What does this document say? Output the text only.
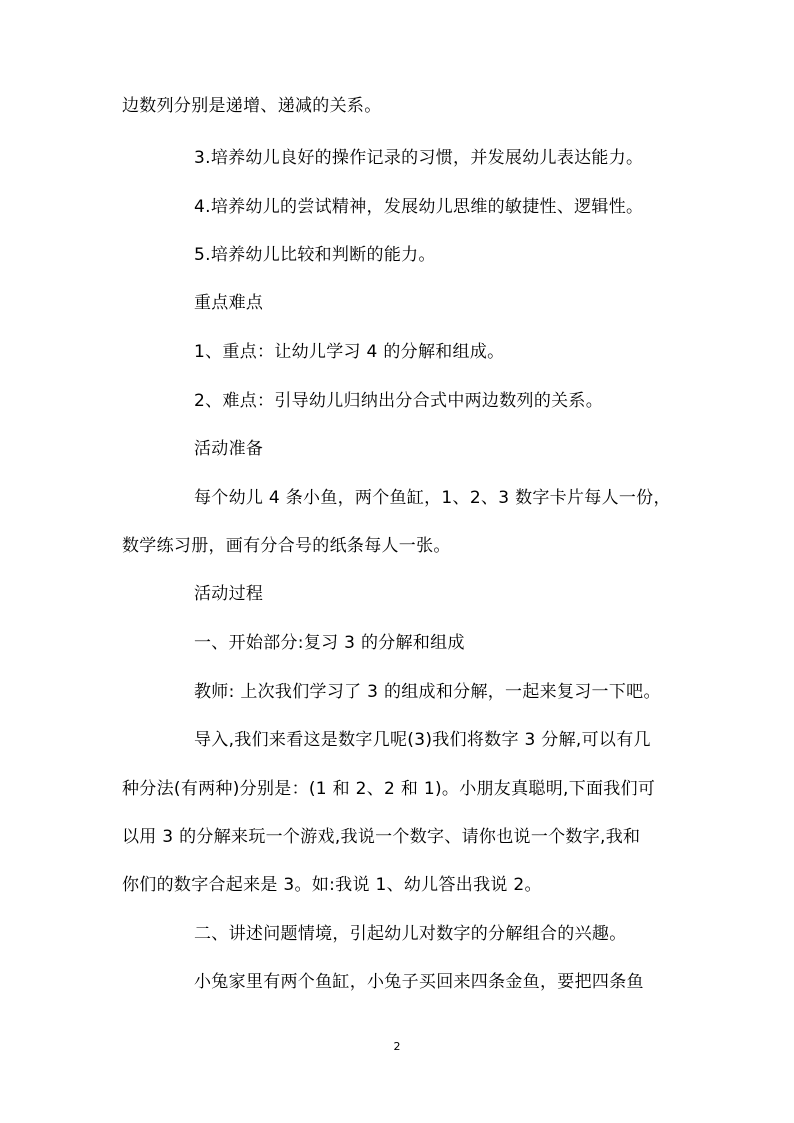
边数列分别是递增、递减的关系。
3.培养幼儿良好的操作记录的习惯，并发展幼儿表达能力。
4.培养幼儿的尝试精神，发展幼儿思维的敏捷性、逻辑性。
5.培养幼儿比较和判断的能力。
重点难点
1、重点：让幼儿学习 4 的分解和组成。
2、难点：引导幼儿归纳出分合式中两边数列的关系。
活动准备
每个幼儿 4 条小鱼，两个鱼缸，1、2、3 数字卡片每人一份，
数学练习册，画有分合号的纸条每人一张。
活动过程
一、开始部分:复习 3 的分解和组成
教师: 上次我们学习了 3 的组成和分解，一起来复习一下吧。
导入,我们来看这是数字几呢(3)我们将数字 3 分解,可以有几
种分法(有两种)分别是：(1 和 2、2 和 1)。小朋友真聪明,下面我们可
以用 3 的分解来玩一个游戏,我说一个数字、请你也说一个数字,我和
你们的数字合起来是 3。如:我说 1、幼儿答出我说 2。
二、讲述问题情境，引起幼儿对数字的分解组合的兴趣。
小兔家里有两个鱼缸，小兔子买回来四条金鱼，要把四条鱼
2
